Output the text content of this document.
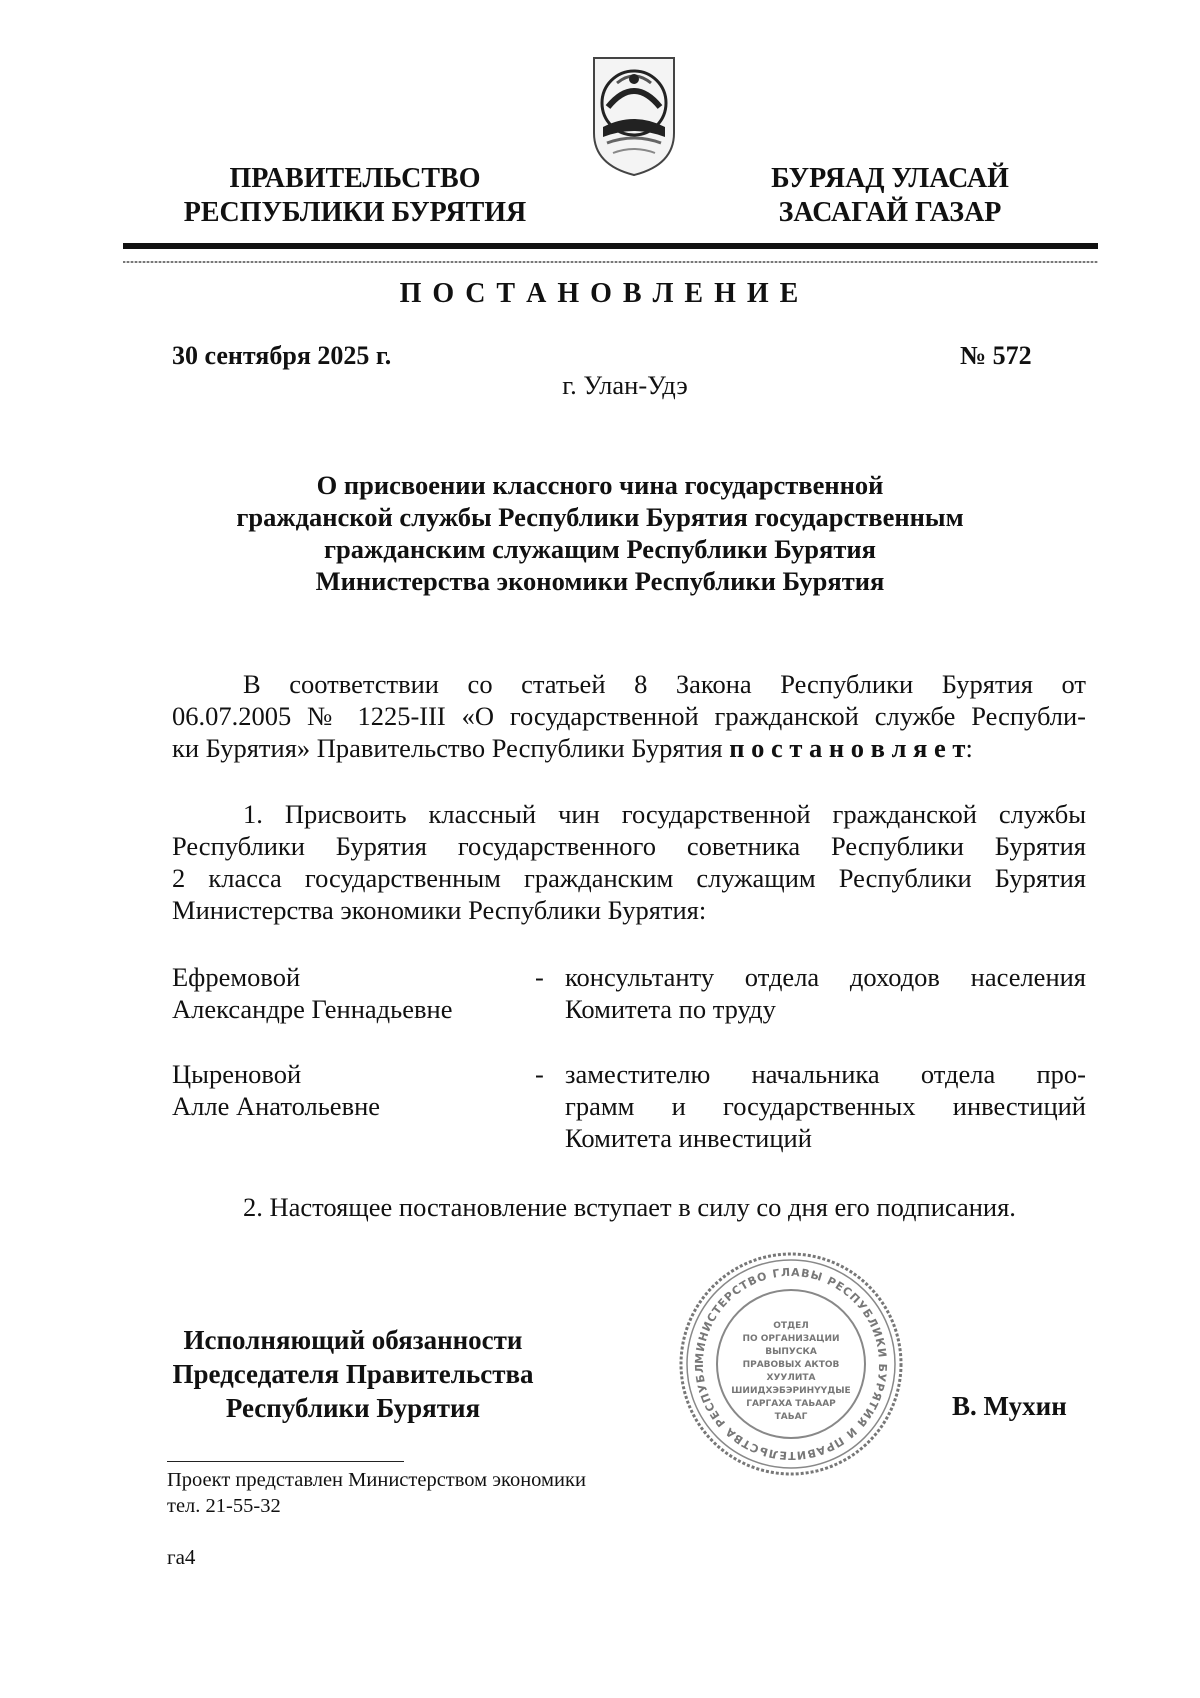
ПРАВИТЕЛЬСТВО
РЕСПУБЛИКИ БУРЯТИЯ
БУРЯАД УЛАСАЙ
ЗАСАГАЙ ГАЗАР
П О С Т А Н О В Л Е Н И Е
30 сентября 2025 г.	№ 572
г. Улан-Удэ
О присвоении классного чина государственной
гражданской службы Республики Бурятия государственным
гражданским служащим Республики Бурятия
Министерства экономики Республики Бурятия
В соответствии со статьей 8 Закона Республики Бурятия от
06.07.2005 № 1225-III «О государственной гражданской службе Республи-
ки Бурятия» Правительство Республики Бурятия п о с т а н о в л я е т:
1. Присвоить классный чин государственной гражданской службы
Республики Бурятия государственного советника Республики Бурятия
2 класса государственным гражданским служащим Республики Бурятия
Министерства экономики Республики Бурятия:
Ефремовой
Александре Геннадьевне
- консультанту отдела доходов населения
Комитета по труду
Цыреновой
Алле Анатольевне
- заместителю начальника отдела про-
грамм и государственных инвестиций
Комитета инвестиций
2. Настоящее постановление вступает в силу со дня его подписания.
МИНИСТЕРСТВО ГЛАВЫ РЕСПУБЛИКИ БУРЯТИЯ И ПРАВИТЕЛЬСТВА РЕСПУБЛ
ОТДЕЛ
ПО ОРГАНИЗАЦИИ
ВЫПУСКА
ПРАВОВЫХ АКТОВ
ХУУЛИТА
ШИИДХЭБЭРИНҮҮДЫЕ
ГАРГАХА ТАЬААР
ТАЬАГ
Исполняющий обязанности
Председателя Правительства
Республики Бурятия	В. Мухин
Проект представлен Министерством экономики
тел. 21-55-32
га4
